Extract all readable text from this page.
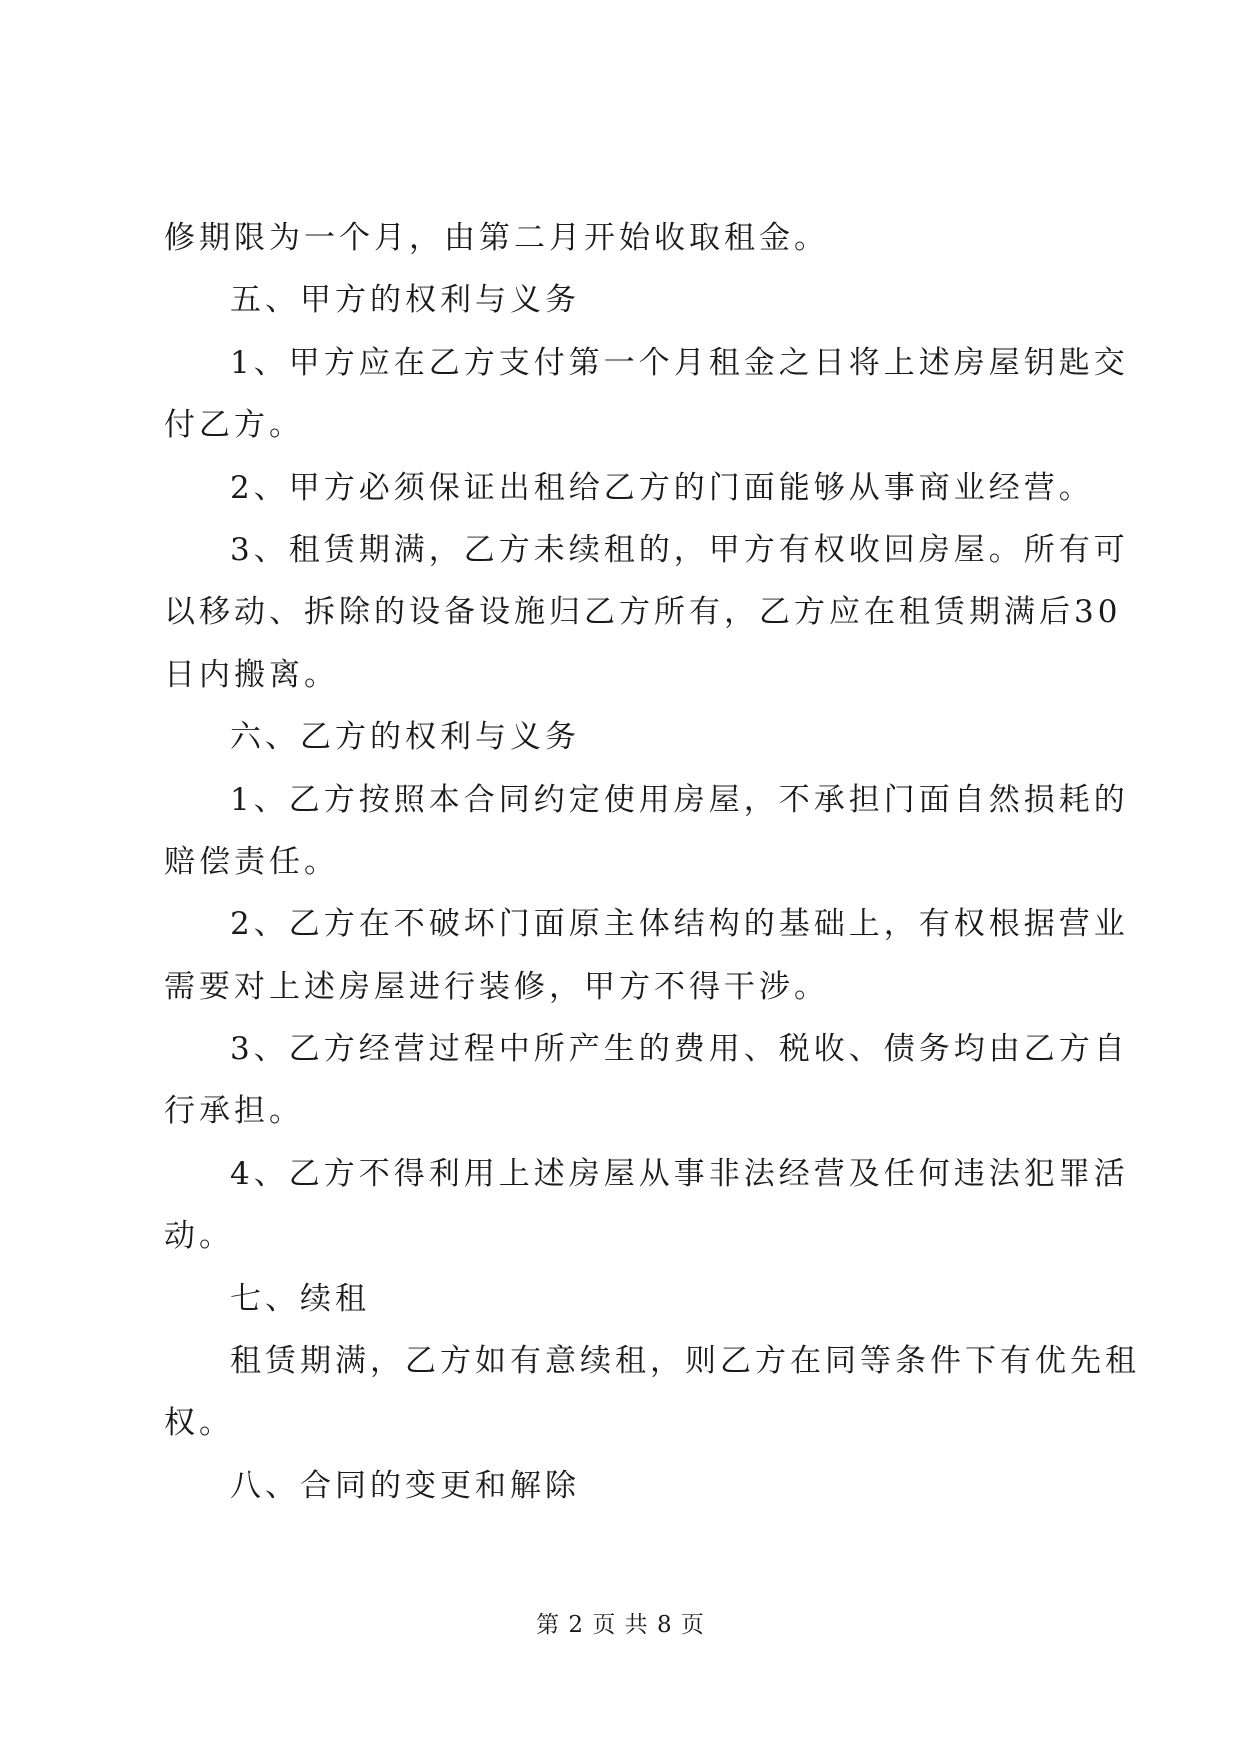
修期限为一个月，由第二月开始收取租金。
五、甲方的权利与义务
1、甲方应在乙方支付第一个月租金之日将上述房屋钥匙交
付乙方。
2、甲方必须保证出租给乙方的门面能够从事商业经营。
3、租赁期满，乙方未续租的，甲方有权收回房屋。所有可
以移动、拆除的设备设施归乙方所有，乙方应在租赁期满后30
日内搬离。
六、乙方的权利与义务
1、乙方按照本合同约定使用房屋，不承担门面自然损耗的
赔偿责任。
2、乙方在不破坏门面原主体结构的基础上，有权根据营业
需要对上述房屋进行装修，甲方不得干涉。
3、乙方经营过程中所产生的费用、税收、债务均由乙方自
行承担。
4、乙方不得利用上述房屋从事非法经营及任何违法犯罪活
动。
七、续租
租赁期满，乙方如有意续租，则乙方在同等条件下有优先租
权。
八、合同的变更和解除
第 2 页 共 8 页
